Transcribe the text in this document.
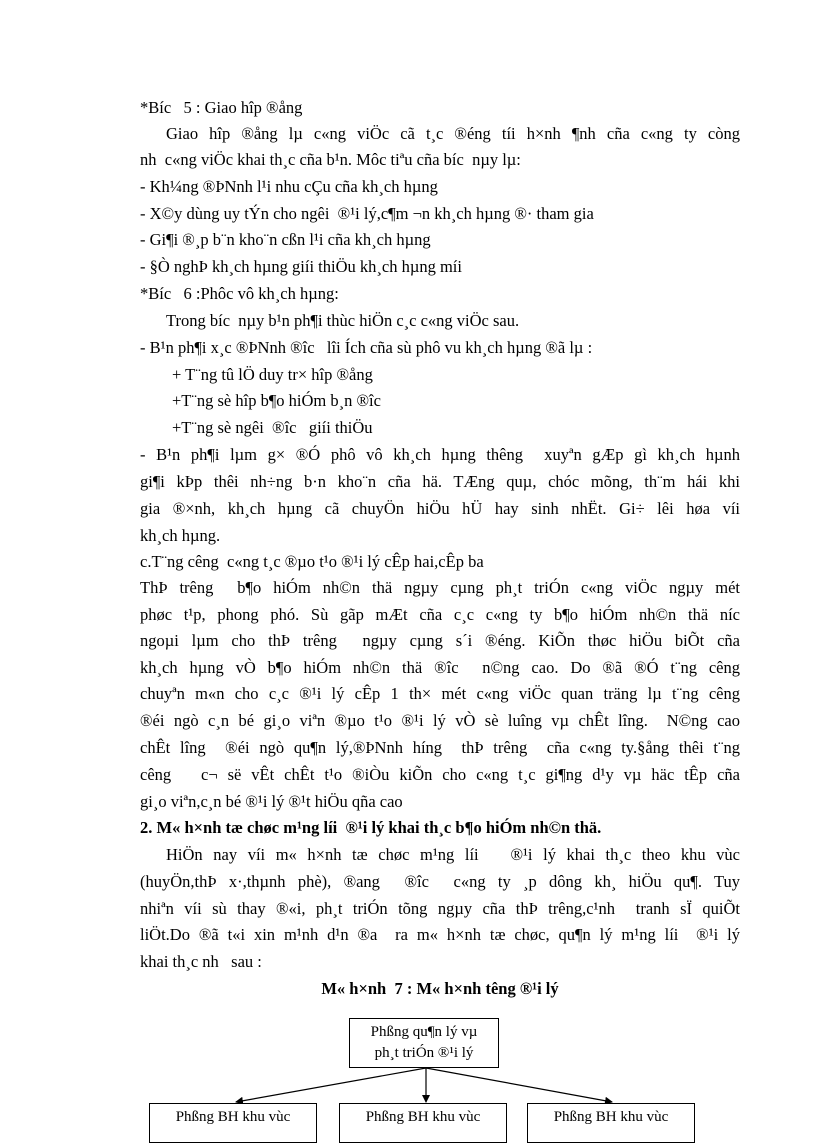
*Bíc   5 : Giao hîp ®ång
Giao hîp ®ång lµ c«ng viÖc cã t¸c ®éng tíi h×nh ¶nh cña c«ng ty còng
nh  c«ng viÖc khai th¸c cña b¹n. Môc tiªu cña bíc  nµy lµ:
- Kh¼ng ®ÞNnh l¹i nhu cÇu cña kh¸ch hµng
- X©y dùng uy tÝn cho ngêi  ®¹i lý,c¶m ¬n kh¸ch hµng ®· tham gia
- Gi¶i ®¸p b¨n kho¨n cßn l¹i cña kh¸ch hµng
- §Ò nghÞ kh¸ch hµng giíi thiÖu kh¸ch hµng míi
*Bíc   6 :Phôc vô kh¸ch hµng:
Trong bíc  nµy b¹n ph¶i thùc hiÖn c¸c c«ng viÖc sau.
- B¹n ph¶i x¸c ®ÞNnh ®îc   lîi Ích cña sù phô vu kh¸ch hµng ®ã lµ :
+ T¨ng tû lÖ duy tr× hîp ®ång
+T¨ng sè hîp b¶o hiÓm b¸n ®îc
+T¨ng sè ngêi  ®îc   giíi thiÖu
- B¹n ph¶i lµm g× ®Ó phô vô kh¸ch hµng thêng  xuyªn gÆp gì kh¸ch hµnh
gi¶i kÞp thêi nh÷ng b·n kho¨n cña hä. TÆng quµ, chóc mõng, th¨m hái khi
gia ®×nh, kh¸ch hµng cã chuyÖn hiÖu hÜ hay sinh nhËt. Gi÷ lêi høa víi
kh¸ch hµng.
c.T¨ng cêng  c«ng t¸c ®µo t¹o ®¹i lý cÊp hai,cÊp ba
ThÞ trêng  b¶o hiÓm nh©n thä ngµy cµng ph¸t triÓn c«ng viÖc ngµy mét
phøc t¹p, phong phó. Sù gãp mÆt cña c¸c c«ng ty b¶o hiÓm nh©n thä níc
ngoµi lµm cho thÞ trêng  ngµy cµng s´i ®éng. KiÕn thøc hiÖu biÕt cña
kh¸ch hµng vÒ b¶o hiÓm nh©n thä ®îc  n©ng cao. Do ®ã ®Ó t¨ng cêng
chuyªn m«n cho c¸c ®¹i lý cÊp 1 th× mét c«ng viÖc quan träng lµ t¨ng cêng
®éi ngò c¸n bé gi¸o viªn ®µo t¹o ®¹i lý vÒ sè luîng vµ chÊt lîng.  N©ng cao
chÊt lîng  ®éi ngò qu¶n lý,®ÞNnh híng  thÞ trêng  cña c«ng ty.§ång thêi t¨ng
cêng   c¬ së vÊt chÊt t¹o ®iÒu kiÕn cho c«ng t¸c gi¶ng d¹y vµ häc tÊp cña
gi¸o viªn,c¸n bé ®¹i lý ®¹t hiÖu qña cao
2. M« h×nh tæ chøc m¹ng líi  ®¹i lý khai th¸c b¶o hiÓm nh©n thä.
HiÖn nay víi m« h×nh tæ chøc m¹ng líi   ®¹i lý khai th¸c theo khu vùc
(huyÖn,thÞ x·,thµnh phè), ®ang  ®îc  c«ng ty ¸p dông kh¸ hiÖu qu¶. Tuy
nhiªn víi sù thay ®«i, ph¸t triÓn tõng ngµy cña thÞ trêng,c¹nh  tranh sÏ quiÕt
liÖt.Do ®ã t«i xin m¹nh d¹n ®a  ra m« h×nh tæ chøc, qu¶n lý m¹ng líi  ®¹i lý
khai th¸c nh   sau :
M« h×nh  7 : M« h×nh têng ®¹i lý
Phßng qu¶n lý vµ
ph¸t triÓn ®¹i lý
Phßng BH khu vùc	Phßng BH khu vùc	Phßng BH khu vùc
